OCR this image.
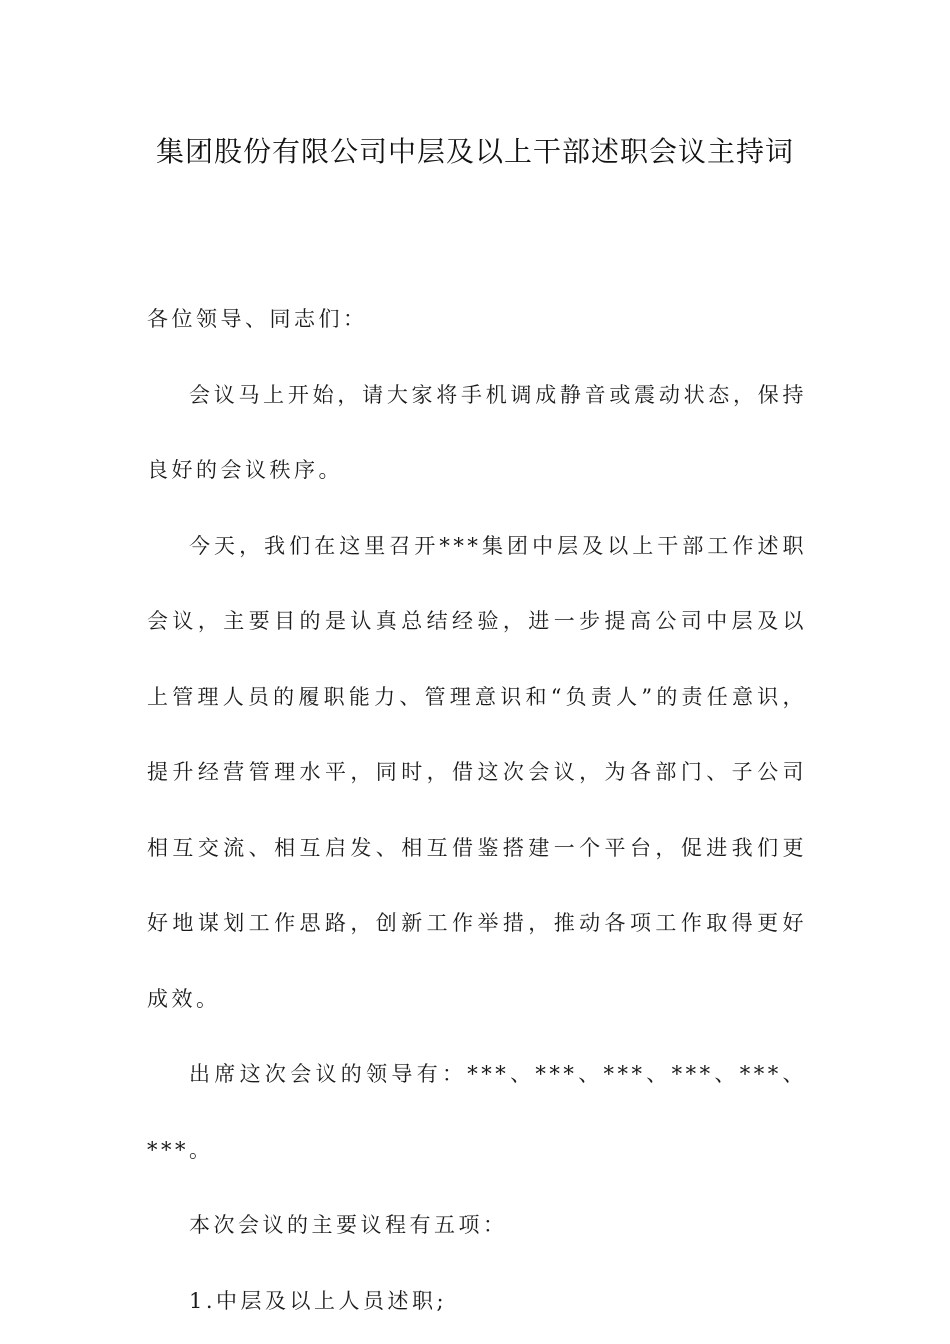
集团股份有限公司中层及以上干部述职会议主持词

各位领导、同志们：

会议马上开始，请大家将手机调成静音或震动状态，保持良好的会议秩序。

今天，我们在这里召开***集团中层及以上干部工作述职会议，主要目的是认真总结经验，进一步提高公司中层及以上管理人员的履职能力、管理意识和“负责人”的责任意识，提升经营管理水平，同时，借这次会议，为各部门、子公司相互交流、相互启发、相互借鉴搭建一个平台，促进我们更好地谋划工作思路，创新工作举措，推动各项工作取得更好成效。

出席这次会议的领导有：***、***、***、***、***、***。

本次会议的主要议程有五项：

1.中层及以上人员述职;
